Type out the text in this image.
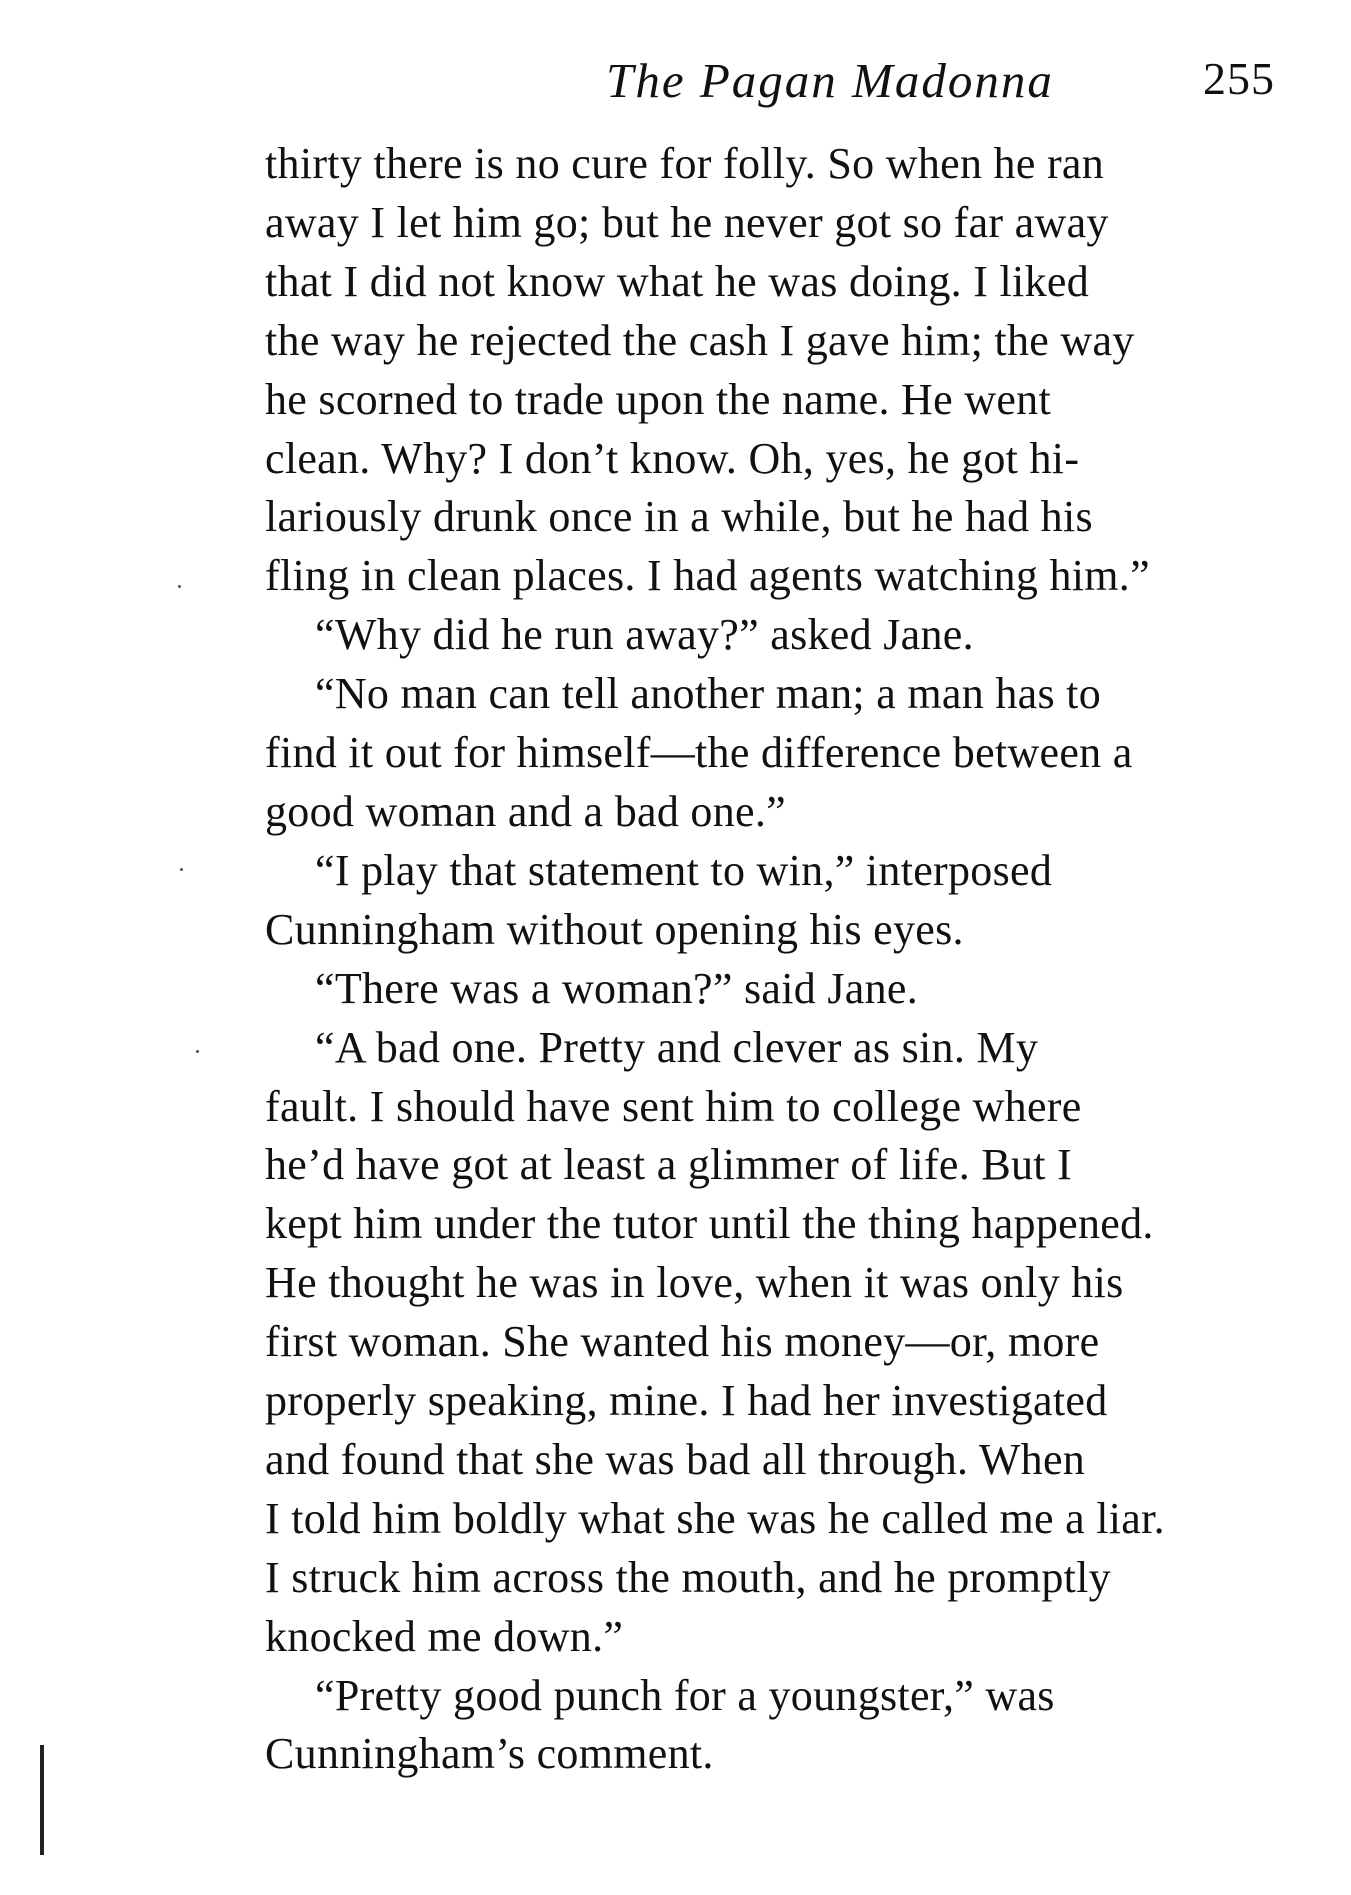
The Pagan Madonna	255
thirty there is no cure for folly. So when he ran
away I let him go; but he never got so far away
that I did not know what he was doing. I liked
the way he rejected the cash I gave him; the way
he scorned to trade upon the name. He went
clean. Why? I don’t know. Oh, yes, he got hi-
lariously drunk once in a while, but he had his
fling in clean places. I had agents watching him.”
“Why did he run away?” asked Jane.
“No man can tell another man; a man has to
find it out for himself—the difference between a
good woman and a bad one.”
“I play that statement to win,” interposed
Cunningham without opening his eyes.
“There was a woman?” said Jane.
“A bad one. Pretty and clever as sin. My
fault. I should have sent him to college where
he’d have got at least a glimmer of life. But I
kept him under the tutor until the thing happened.
He thought he was in love, when it was only his
first woman. She wanted his money—or, more
properly speaking, mine. I had her investigated
and found that she was bad all through. When
I told him boldly what she was he called me a liar.
I struck him across the mouth, and he promptly
knocked me down.”
“Pretty good punch for a youngster,” was
Cunningham’s comment.
